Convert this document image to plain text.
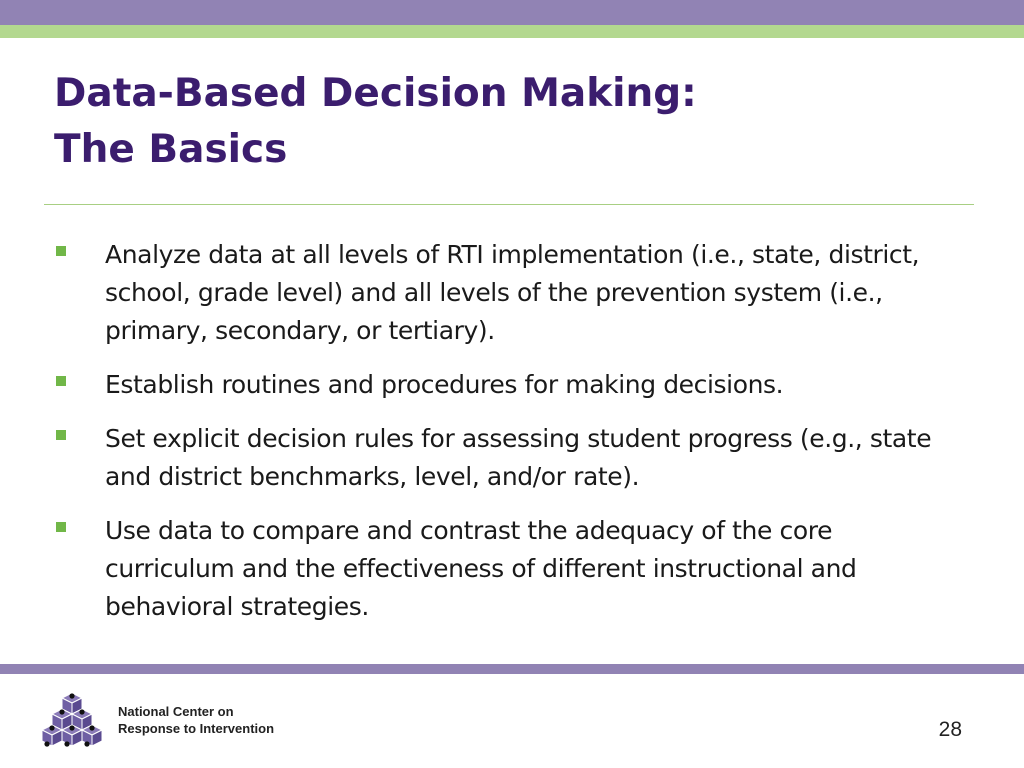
Data-Based Decision Making:
The Basics
Analyze data at all levels of RTI implementation (i.e., state, district, school, grade level) and all levels of the prevention system (i.e., primary, secondary, or tertiary).
Establish routines and procedures for making decisions.
Set explicit decision rules for assessing student progress (e.g., state and district benchmarks, level, and/or rate).
Use data to compare and contrast the adequacy of the core curriculum and the effectiveness of different instructional and behavioral strategies.
National Center on
Response to Intervention	28
